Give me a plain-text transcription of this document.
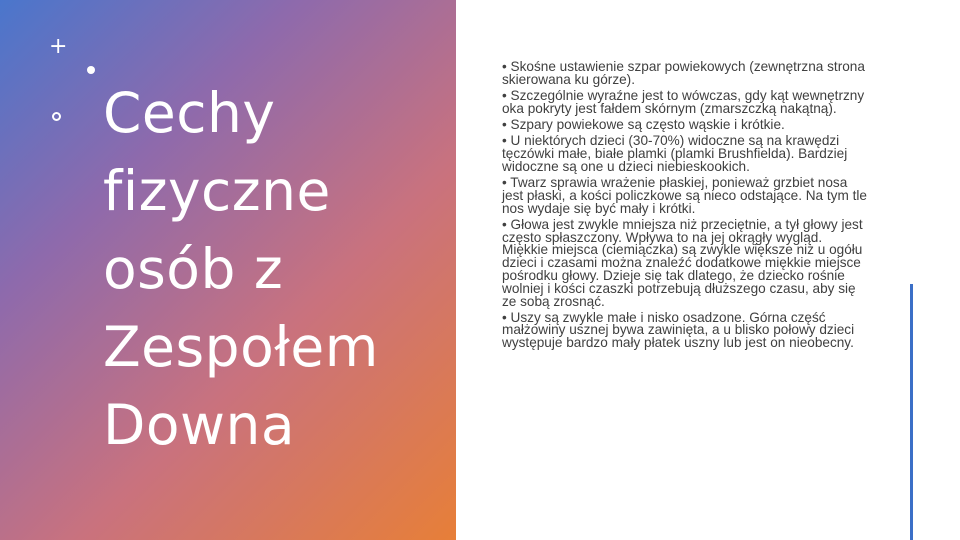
+
Cechy
fizyczne
osób z
Zespołem
Downa

• Skośne ustawienie szpar powiekowych (zewnętrzna strona skierowana ku górze).

• Szczególnie wyraźne jest to wówczas, gdy kąt wewnętrzny oka pokryty jest fałdem skórnym (zmarszczką nakątną).

• Szpary powiekowe są często wąskie i krótkie.

• U niektórych dzieci (30-70%) widoczne są na krawędzi tęczówki małe, białe plamki (plamki Brushfielda). Bardziej widoczne są one u dzieci niebieskookich.

• Twarz sprawia wrażenie płaskiej, ponieważ grzbiet nosa jest płaski, a kości policzkowe są nieco odstające. Na tym tle nos wydaje się być mały i krótki.

• Głowa jest zwykle mniejsza niż przeciętnie, a tył głowy jest często spłaszczony. Wpływa to na jej okrągły wygląd. Miękkie miejsca (ciemiączka) są zwykle większe niż u ogółu dzieci i czasami można znaleźć dodatkowe miękkie miejsce pośrodku głowy. Dzieje się tak dlatego, że dziecko rośnie wolniej i kości czaszki potrzebują dłuższego czasu, aby się ze sobą zrosnąć.

• Uszy są zwykle małe i nisko osadzone. Górna część małżowiny usznej bywa zawinięta, a u blisko połowy dzieci występuje bardzo mały płatek uszny lub jest on nieobecny.
